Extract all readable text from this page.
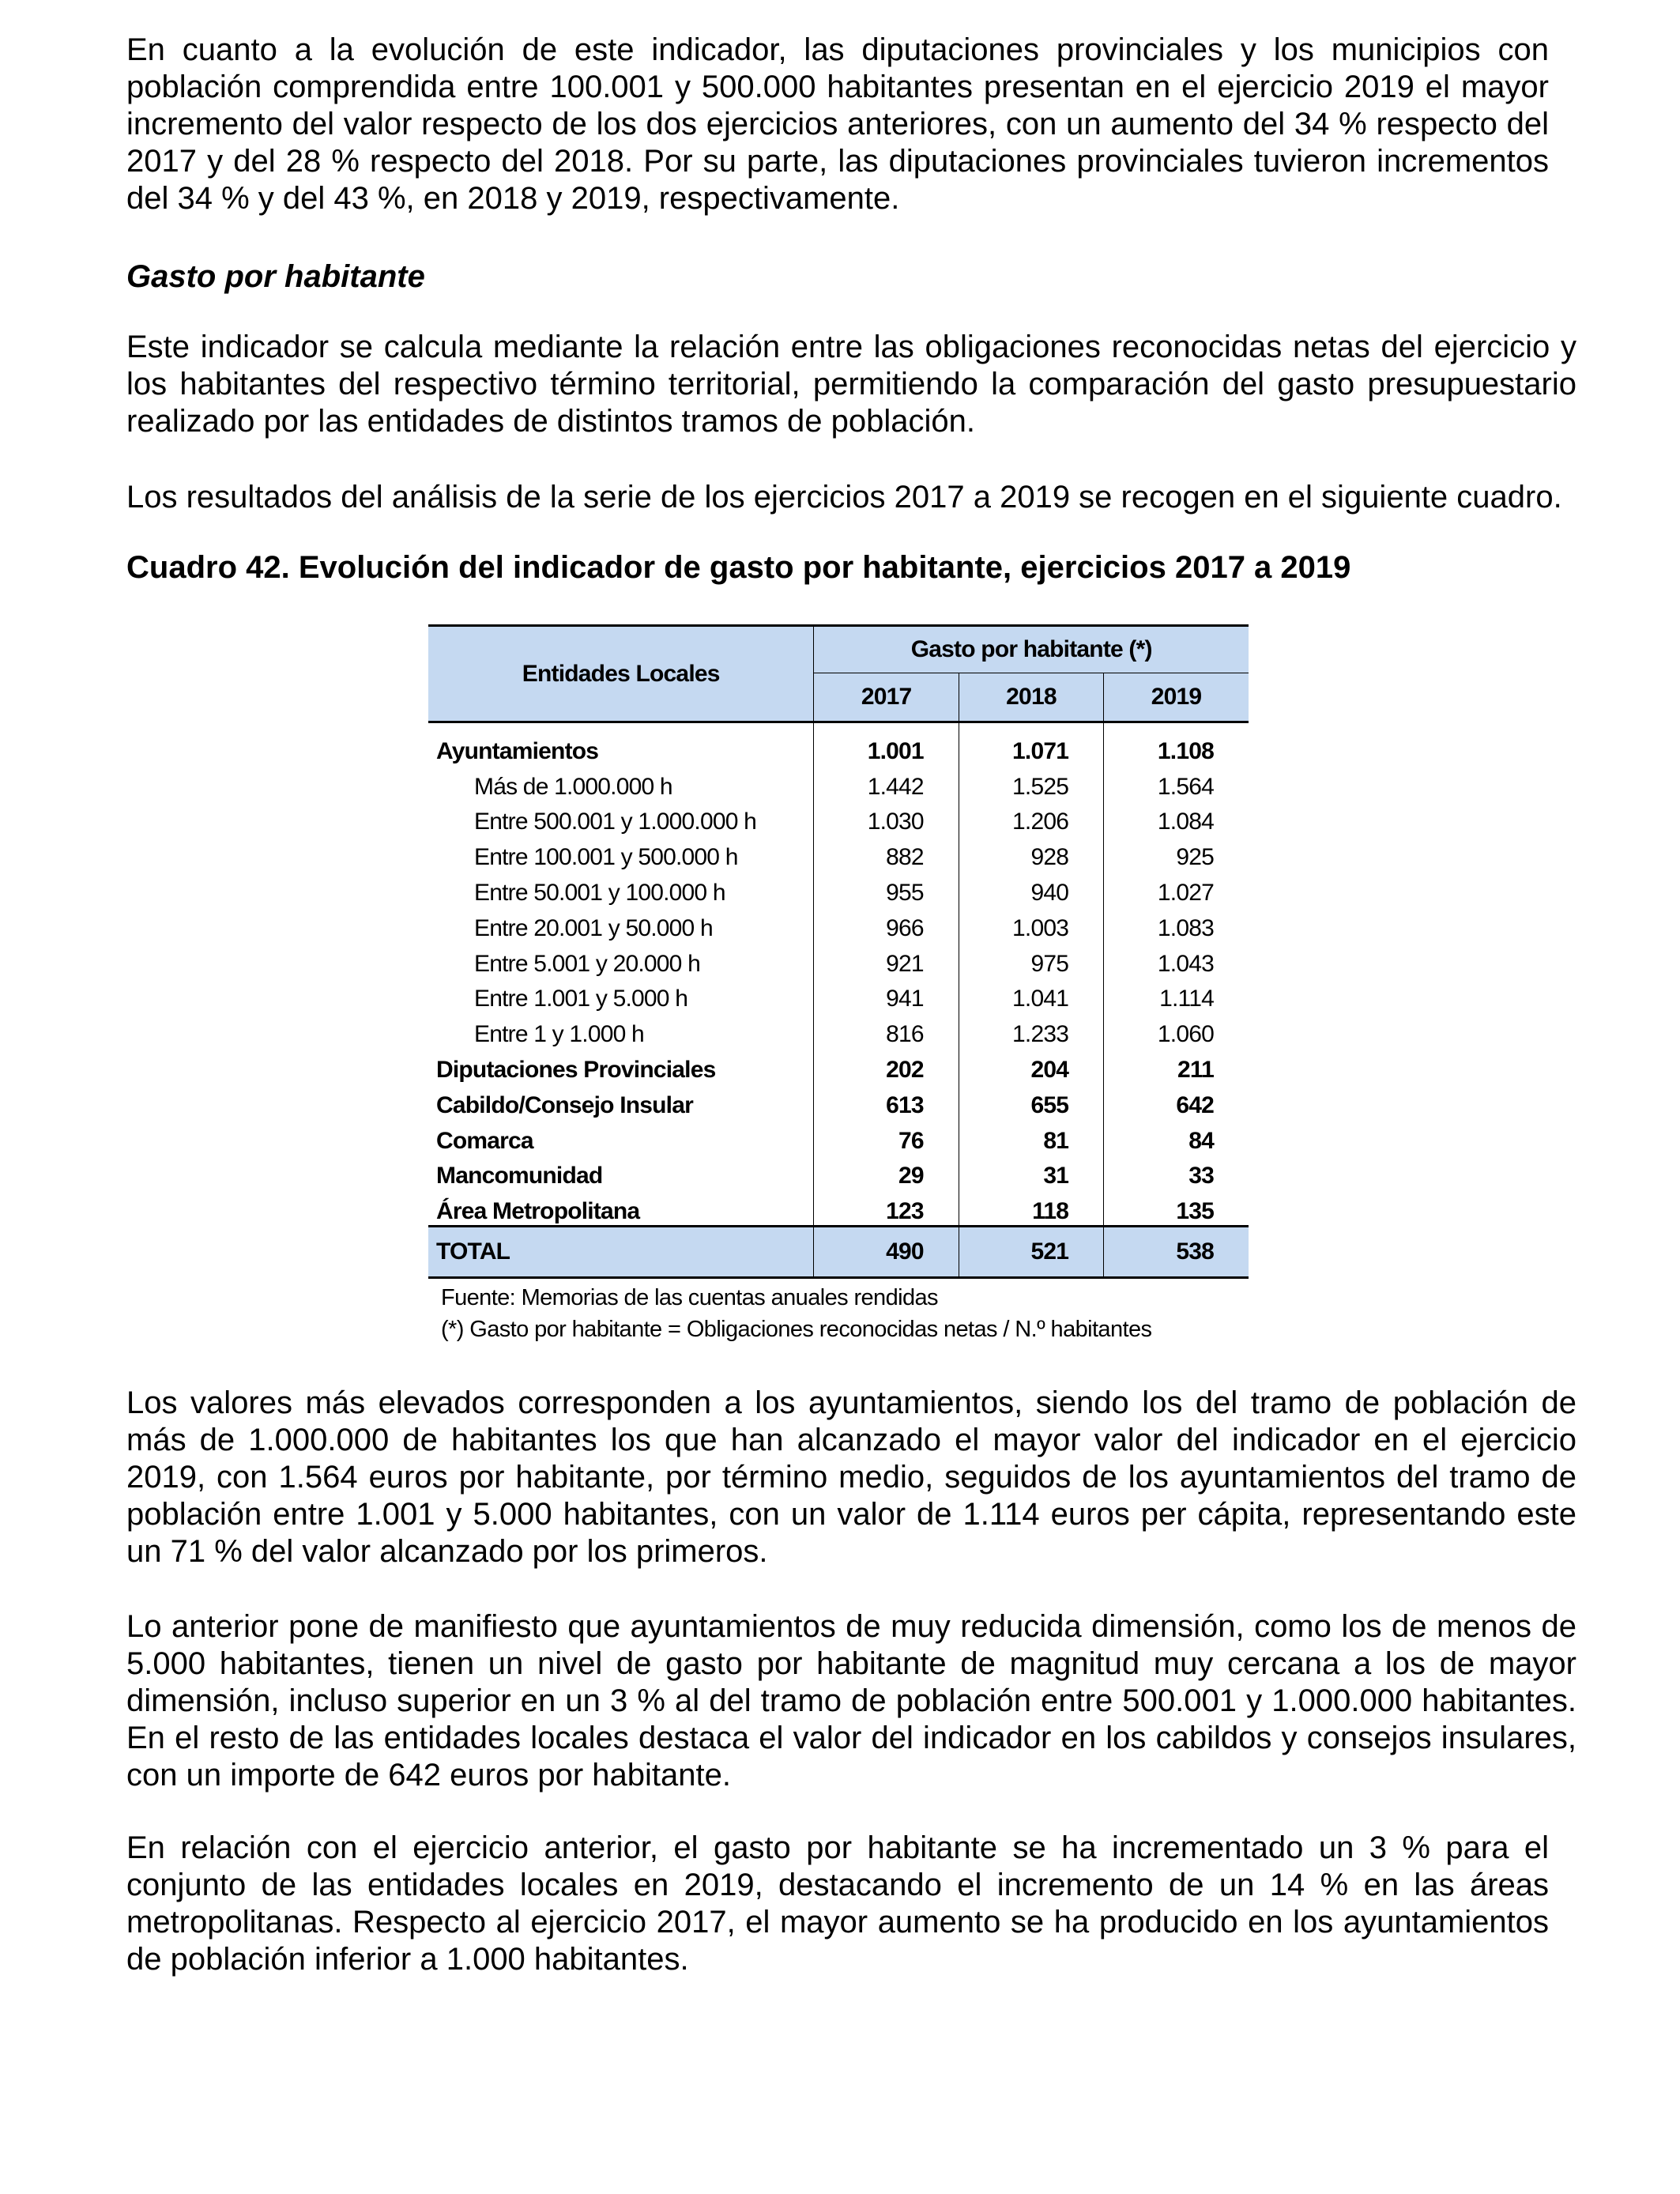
En cuanto a la evolución de este indicador, las diputaciones provinciales y los municipios con población comprendida entre 100.001 y 500.000 habitantes presentan en el ejercicio 2019 el mayor incremento del valor respecto de los dos ejercicios anteriores, con un aumento del 34 % respecto del 2017 y del 28 % respecto del 2018. Por su parte, las diputaciones provinciales tuvieron incrementos del 34 % y del 43 %, en 2018 y 2019, respectivamente.

Gasto por habitante

Este indicador se calcula mediante la relación entre las obligaciones reconocidas netas del ejercicio y los habitantes del respectivo término territorial, permitiendo la comparación del gasto presupuestario realizado por las entidades de distintos tramos de población.

Los resultados del análisis de la serie de los ejercicios 2017 a 2019 se recogen en el siguiente cuadro.

Cuadro 42. Evolución del indicador de gasto por habitante, ejercicios 2017 a 2019
Entidades Locales	Gasto por habitante (*)		
	2017	2018	2019
Ayuntamientos	1.001	1.071	1.108
Más de 1.000.000 h	1.442	1.525	1.564
Entre 500.001 y 1.000.000 h	1.030	1.206	1.084
Entre 100.001 y 500.000 h	882	928	925
Entre 50.001 y 100.000 h	955	940	1.027
Entre 20.001 y 50.000 h	966	1.003	1.083
Entre 5.001 y 20.000 h	921	975	1.043
Entre 1.001 y 5.000 h	941	1.041	1.114
Entre 1 y 1.000 h	816	1.233	1.060
Diputaciones Provinciales	202	204	211
Cabildo/Consejo Insular	613	655	642
Comarca	76	81	84
Mancomunidad	29	31	33
Área Metropolitana	123	118	135
TOTAL	490	521	538
Fuente: Memorias de las cuentas anuales rendidas
(*) Gasto por habitante = Obligaciones reconocidas netas / N.º habitantes

Los valores más elevados corresponden a los ayuntamientos, siendo los del tramo de población de más de 1.000.000 de habitantes los que han alcanzado el mayor valor del indicador en el ejercicio 2019, con 1.564 euros por habitante, por término medio, seguidos de los ayuntamientos del tramo de población entre 1.001 y 5.000 habitantes, con un valor de 1.114 euros per cápita, representando este un 71 % del valor alcanzado por los primeros.

Lo anterior pone de manifiesto que ayuntamientos de muy reducida dimensión, como los de menos de 5.000 habitantes, tienen un nivel de gasto por habitante de magnitud muy cercana a los de mayor dimensión, incluso superior en un 3 % al del tramo de población entre 500.001 y 1.000.000 habitantes. En el resto de las entidades locales destaca el valor del indicador en los cabildos y consejos insulares, con un importe de 642 euros por habitante.

En relación con el ejercicio anterior, el gasto por habitante se ha incrementado un 3 % para el conjunto de las entidades locales en 2019, destacando el incremento de un 14 % en las áreas metropolitanas. Respecto al ejercicio 2017, el mayor aumento se ha producido en los ayuntamientos de población inferior a 1.000 habitantes.
